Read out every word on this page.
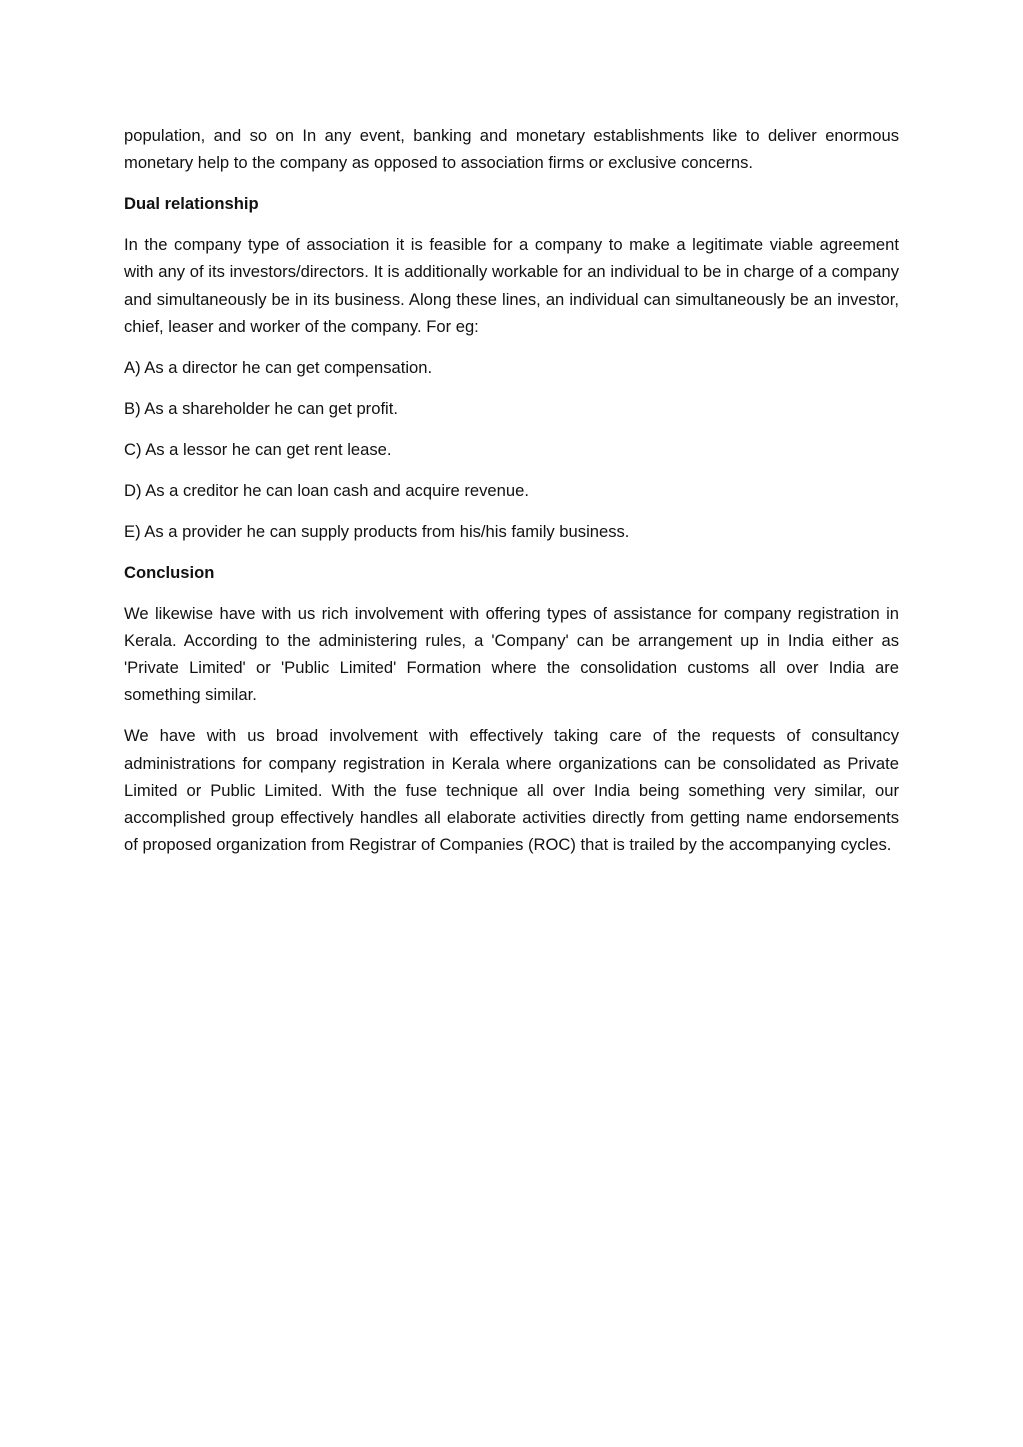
population, and so on In any event, banking and monetary establishments like to deliver enormous monetary help to the company as opposed to association firms or exclusive concerns.

Dual relationship

In the company type of association it is feasible for a company to make a legitimate viable agreement with any of its investors/directors. It is additionally workable for an individual to be in charge of a company and simultaneously be in its business. Along these lines, an individual can simultaneously be an investor, chief, leaser and worker of the company. For eg:

A) As a director he can get compensation.

B) As a shareholder he can get profit.

C) As a lessor he can get rent lease.

D) As a creditor he can loan cash and acquire revenue.

E) As a provider he can supply products from his/his family business.

Conclusion

We likewise have with us rich involvement with offering types of assistance for company registration in Kerala. According to the administering rules, a 'Company' can be arrangement up in India either as 'Private Limited' or 'Public Limited' Formation where the consolidation customs all over India are something similar.

We have with us broad involvement with effectively taking care of the requests of consultancy administrations for company registration in Kerala where organizations can be consolidated as Private Limited or Public Limited. With the fuse technique all over India being something very similar, our accomplished group effectively handles all elaborate activities directly from getting name endorsements of proposed organization from Registrar of Companies (ROC) that is trailed by the accompanying cycles.
